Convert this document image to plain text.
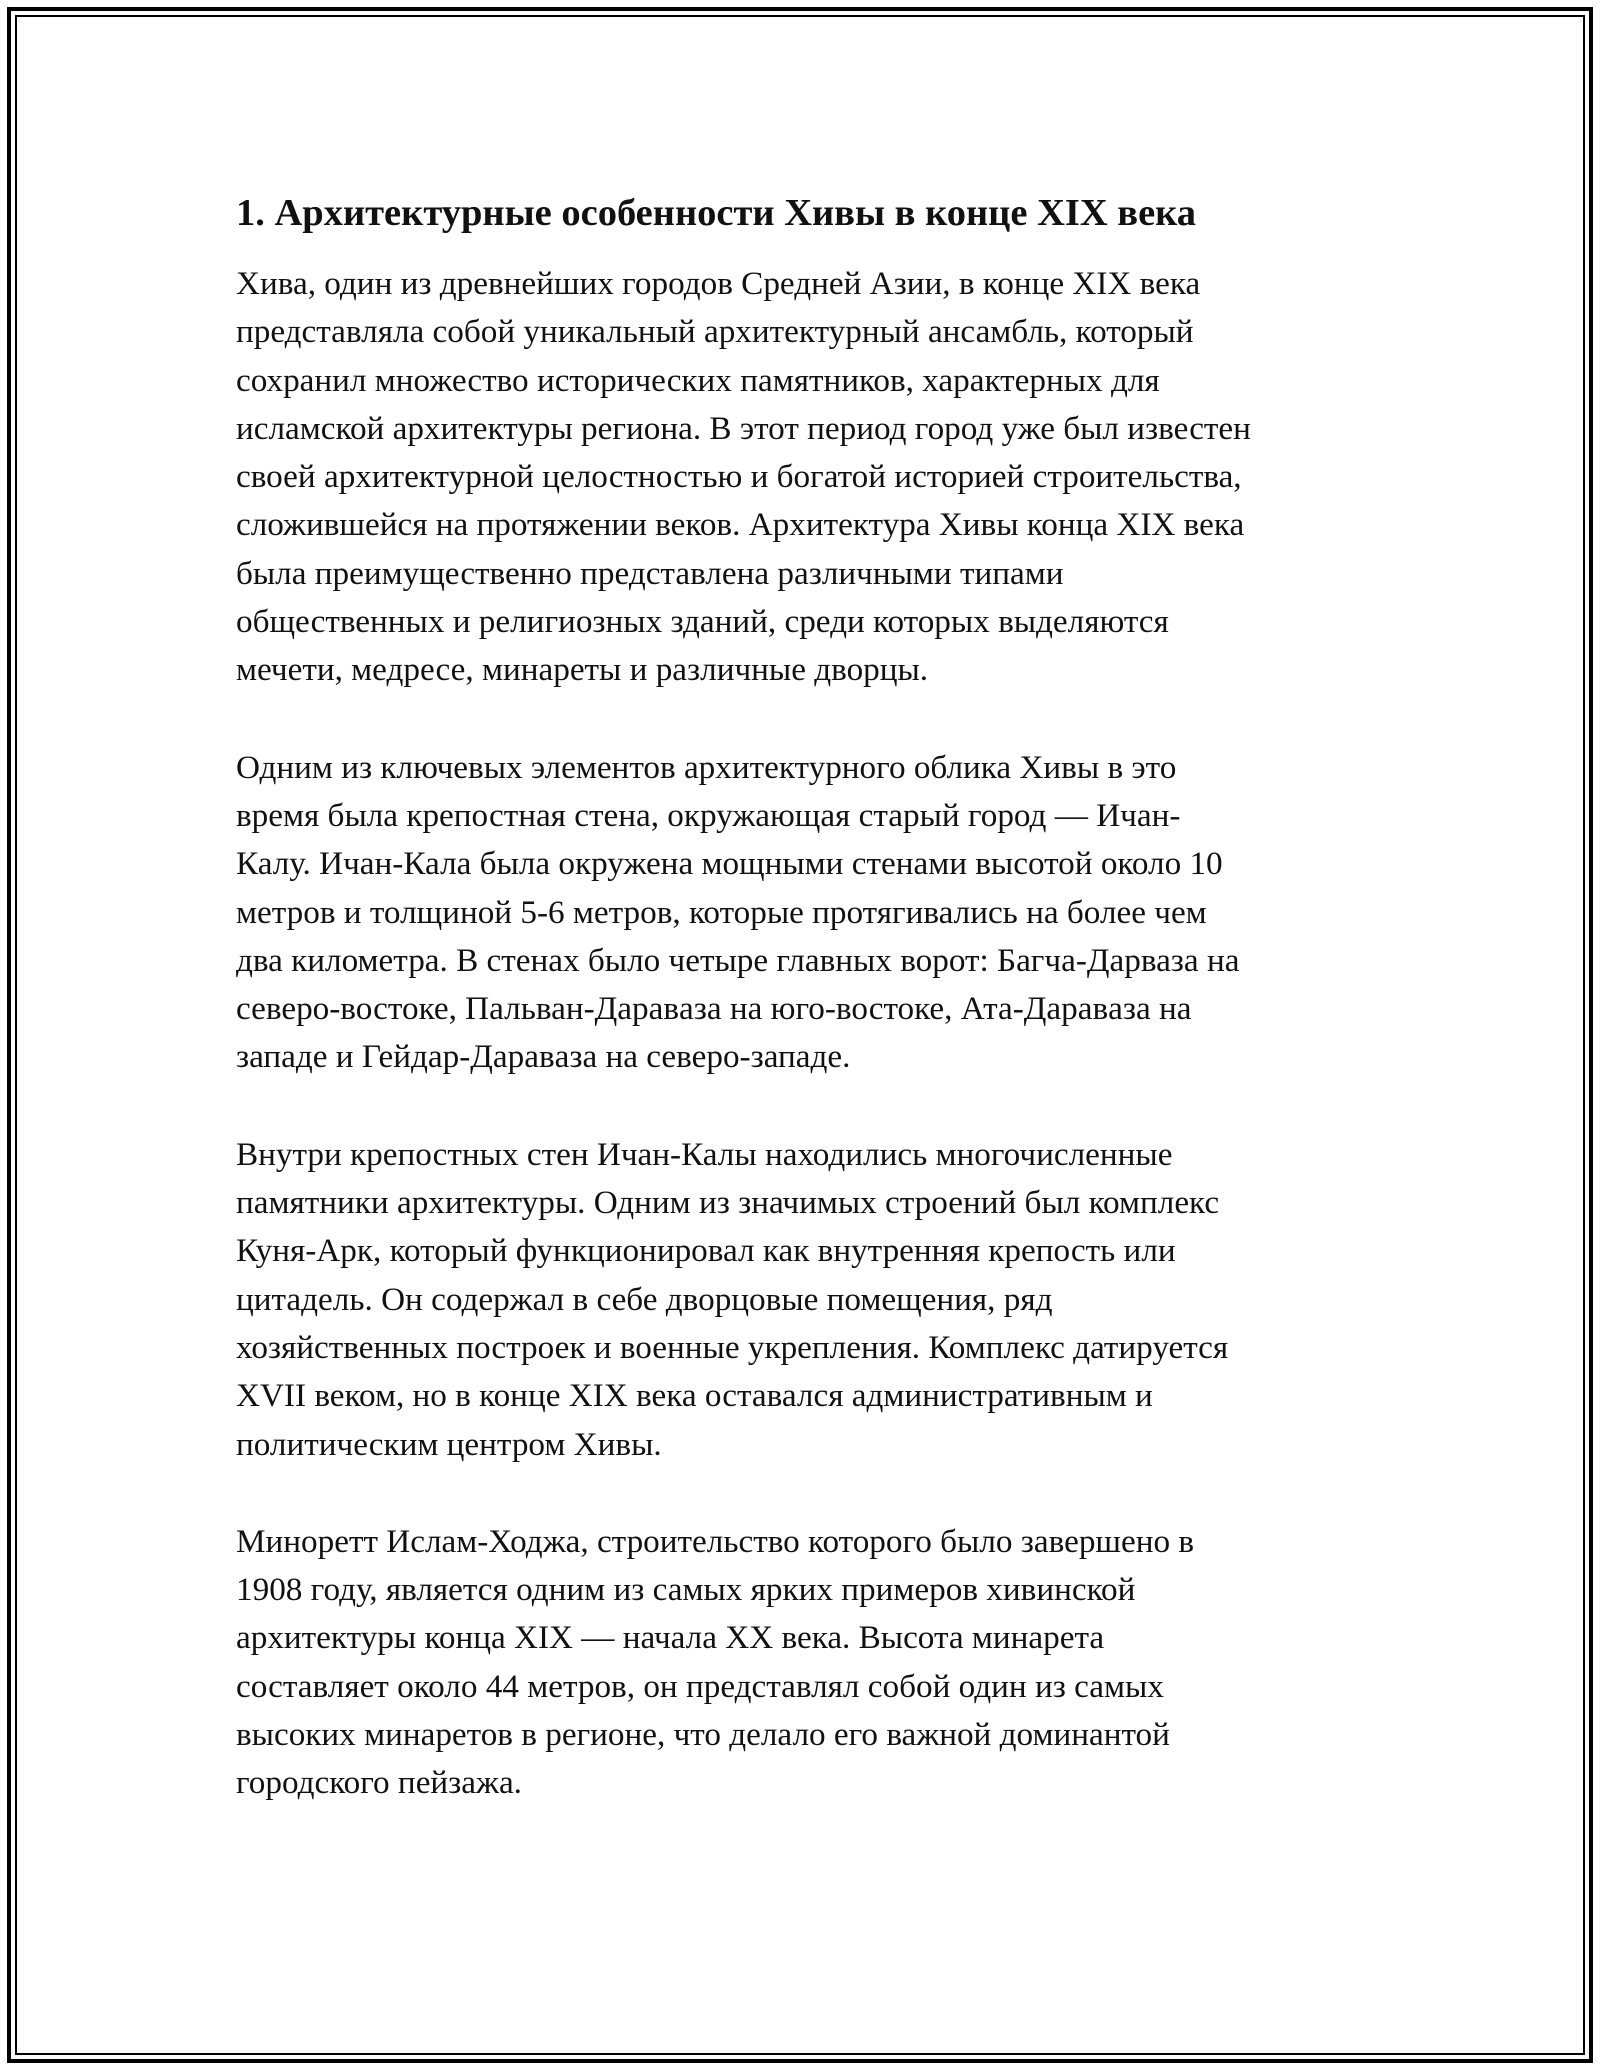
1. Архитектурные особенности Хивы в конце XIX века

Хива, один из древнейших городов Средней Азии, в конце XIX века
представляла собой уникальный архитектурный ансамбль, который
сохранил множество исторических памятников, характерных для
исламской архитектуры региона. В этот период город уже был известен
своей архитектурной целостностью и богатой историей строительства,
сложившейся на протяжении веков. Архитектура Хивы конца XIX века
была преимущественно представлена различными типами
общественных и религиозных зданий, среди которых выделяются
мечети, медресе, минареты и различные дворцы.

Одним из ключевых элементов архитектурного облика Хивы в это
время была крепостная стена, окружающая старый город — Ичан-
Калу. Ичан-Кала была окружена мощными стенами высотой около 10
метров и толщиной 5-6 метров, которые протягивались на более чем
два километра. В стенах было четыре главных ворот: Багча-Дарваза на
северо-востоке, Пальван-Даравaза на юго-востоке, Ата-Даравaза на
западе и Гейдар-Даравaза на северо-западе.

Внутри крепостных стен Ичан-Калы находились многочисленные
памятники архитектуры. Одним из значимых строений был комплекс
Куня-Арк, который функционировал как внутренняя крепость или
цитадель. Он содержал в себе дворцовые помещения, ряд
хозяйственных построек и военные укрепления. Комплекс датируется
XVII веком, но в конце XIX века оставался административным и
политическим центром Хивы.

Миноретт Ислам-Ходжа, строительство которого было завершено в
1908 году, является одним из самых ярких примеров хивинской
архитектуры конца XIX — начала XX века. Высота минарета
составляет около 44 метров, он представлял собой один из самых
высоких минаретов в регионе, что делало его важной доминантой
городского пейзажа.
